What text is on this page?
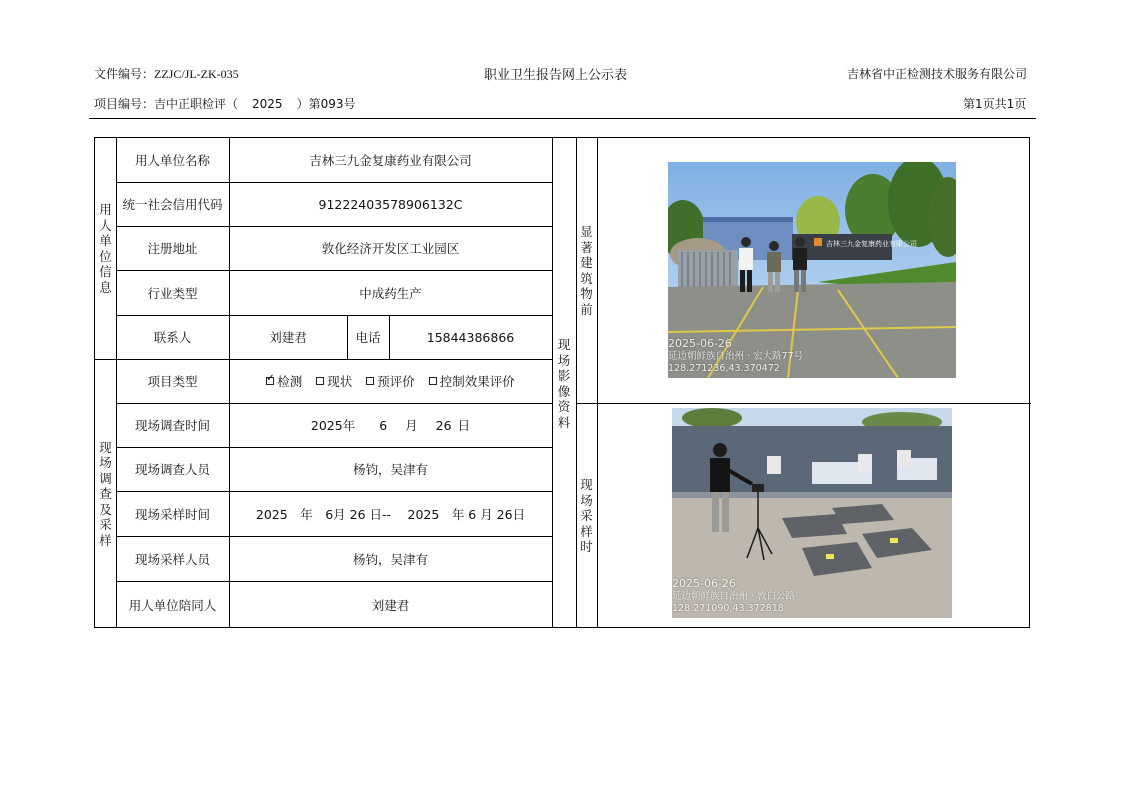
文件编号：ZZJC/JL-ZK-035	职业卫生报告网上公示表	吉林省中正检测技术服务有限公司
项目编号：吉中正职检评（ 2025 ）第093号	第1页共1页
用
人
单
位
信
息
现
场
调
查
及
采
样
现
场
影
像
资
料
显
著
建
筑
物
前
现
场
采
样
时
用人单位名称	吉林三九金复康药业有限公司
统一社会信用代码	91222403578906132C
注册地址	敦化经济开发区工业园区
行业类型	中成药生产
联系人	刘建君	电话	15844386866
项目类型
✓	检测 现状 预评价 控制效果评价
现场调查时间	2025年 6 月 26 日
现场调查人员	杨钧，吴津有
现场采样时间	2025　年　6月 26 日--　 2025　年 6 月 26日
现场采样人员	杨钧，吴津有
用人单位陪同人	刘建君
吉林三九金复康药业有限公司
2025-06-26
延边朝鲜族自治州 · 宏大路77号
128.271236,43.370472
2025-06-26
延边朝鲜族自治州 · 敦白公路
128.271090,43.372818
